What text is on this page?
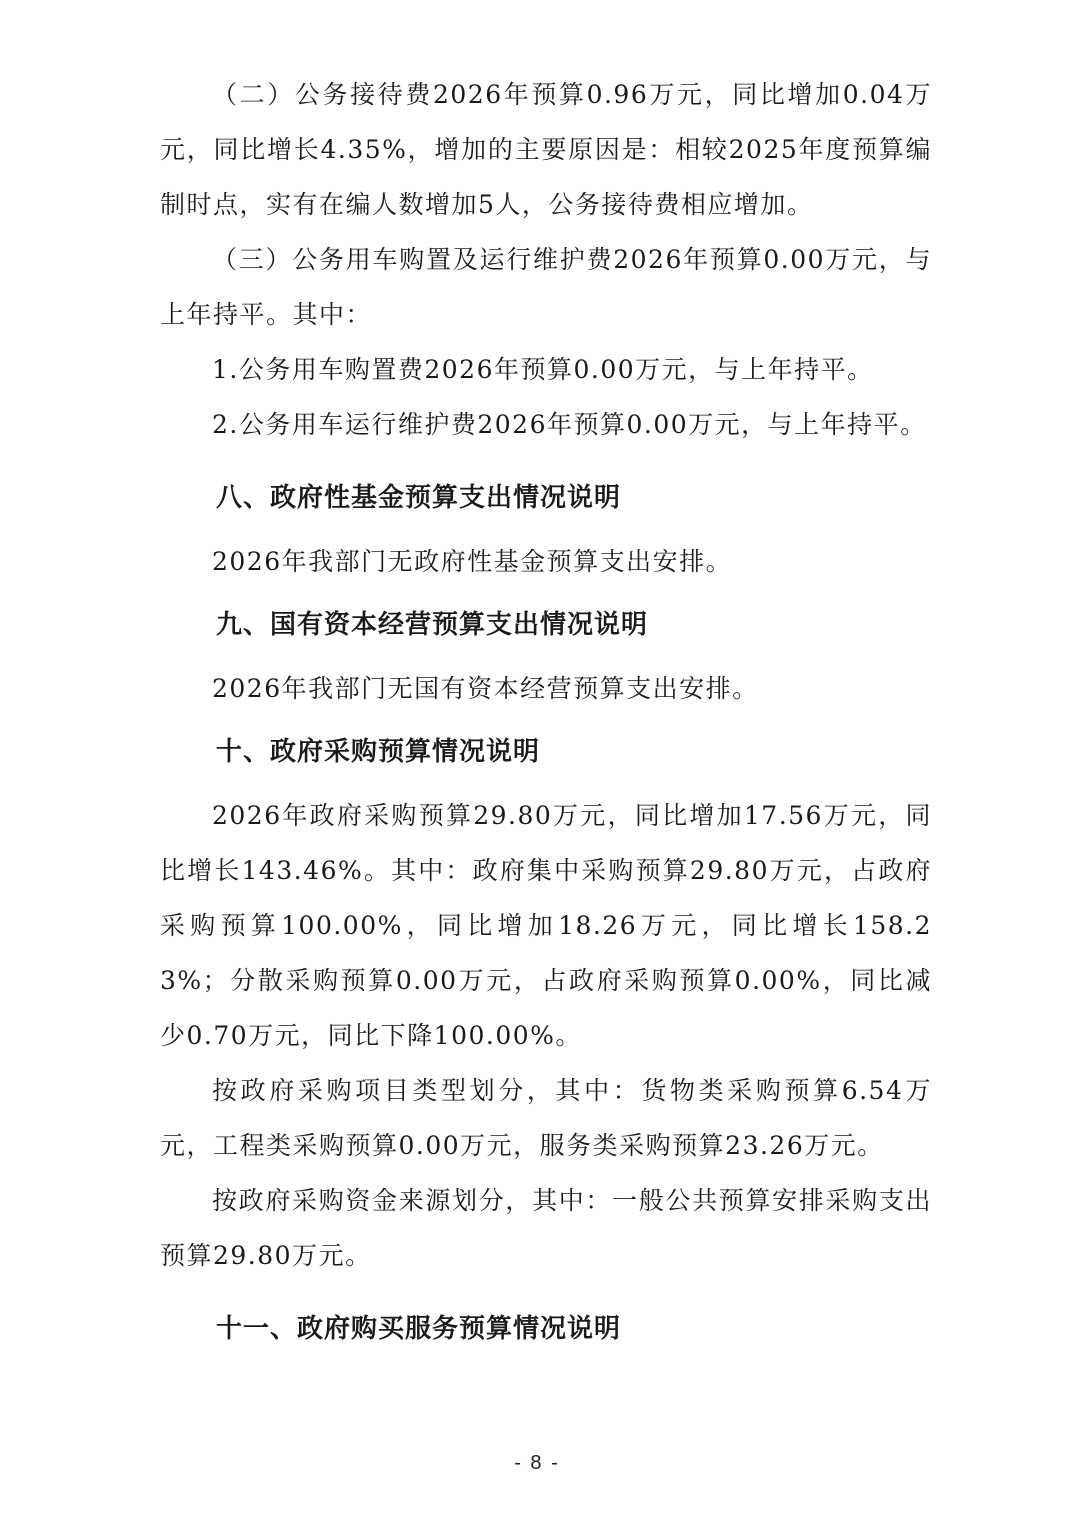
（二）公务接待费2026年预算0.96万元，同比增加0.04万元，同比增长4.35%，增加的主要原因是：相较2025年度预算编制时点，实有在编人数增加5人，公务接待费相应增加。

（三）公务用车购置及运行维护费2026年预算0.00万元，与上年持平。其中：

1.公务用车购置费2026年预算0.00万元，与上年持平。

2.公务用车运行维护费2026年预算0.00万元，与上年持平。

八、政府性基金预算支出情况说明

2026年我部门无政府性基金预算支出安排。

九、国有资本经营预算支出情况说明

2026年我部门无国有资本经营预算支出安排。

十、政府采购预算情况说明

2026年政府采购预算29.80万元，同比增加17.56万元，同比增长143.46%。其中：政府集中采购预算29.80万元，占政府采购预算100.00%，同比增加18.26万元，同比增长158.23%；分散采购预算0.00万元，占政府采购预算0.00%，同比减少0.70万元，同比下降100.00%。

按政府采购项目类型划分，其中：货物类采购预算6.54万元，工程类采购预算0.00万元，服务类采购预算23.26万元。

按政府采购资金来源划分，其中：一般公共预算安排采购支出预算29.80万元。

十一、政府购买服务预算情况说明
- 8 -
